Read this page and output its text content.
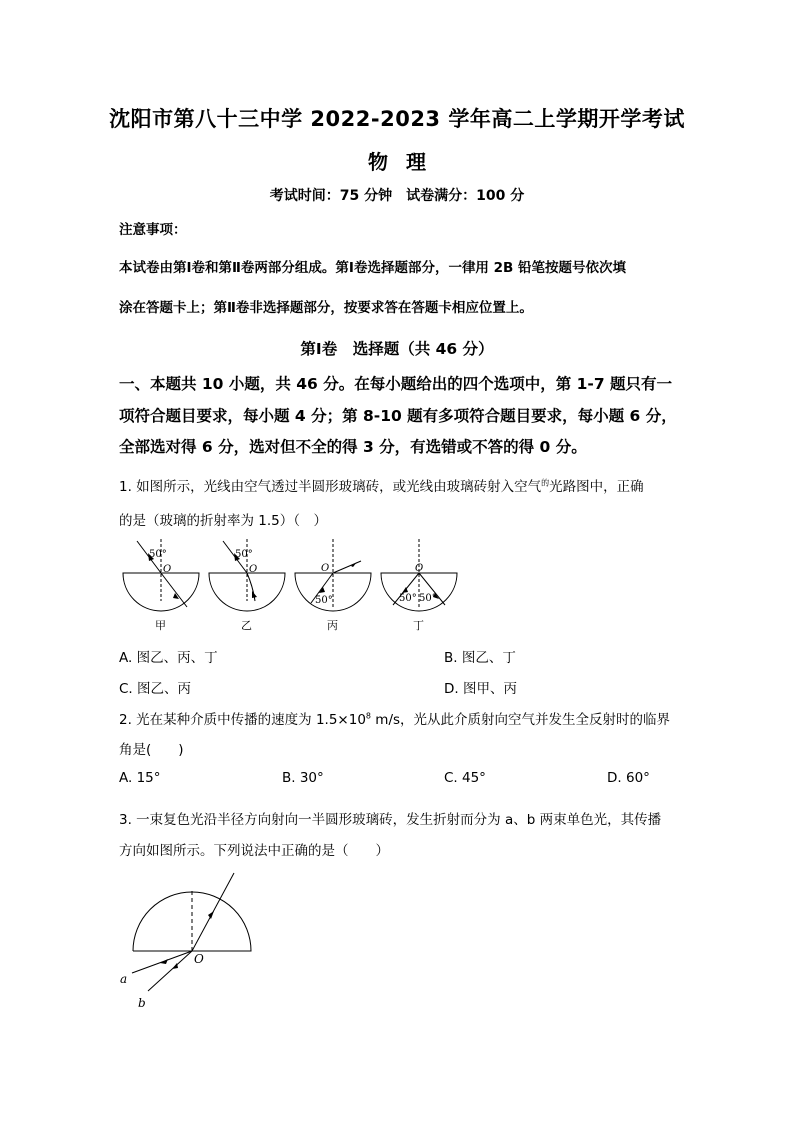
沈阳市第八十三中学 2022-2023 学年高二上学期开学考试
物理
考试时间：75 分钟　试卷满分：100 分
注意事项：
本试卷由第Ⅰ卷和第Ⅱ卷两部分组成。第Ⅰ卷选择题部分，一律用 2B 铅笔按题号依次填
涂在答题卡上；第Ⅱ卷非选择题部分，按要求答在答题卡相应位置上。
第Ⅰ卷　选择题（共 46 分）
一、本题共 10 小题，共 46 分。在每小题给出的四个选项中，第 1-7 题只有一
项符合题目要求，每小题 4 分；第 8-10 题有多项符合题目要求，每小题 6 分，
全部选对得 6 分，选对但不全的得 3 分，有选错或不答的得 0 分。
1. 如图所示，光线由空气透过半圆形玻璃砖，或光线由玻璃砖射入空气$^的$光路图中，正确
的是（玻璃的折射率为 1.5）（　）
50°
O
50°
O	O
50°
O
50° 50°
甲	乙	丙	丁
A. 图乙、丙、丁	B. 图乙、丁
C. 图乙、丙	D. 图甲、丙
2. 光在某种介质中传播的速度为 $1.5\times 10^8$ m/s，光从此介质射向空气并发生全反射时的临界
角是(　　)
A. 15°	B. 30°	C. 45°	D. 60°
3. 一束复色光沿半径方向射向一半圆形玻璃砖，发生折射而分为 a、b 两束单色光，其传播
方向如图所示。下列说法中正确的是（　　）
O
a
b
